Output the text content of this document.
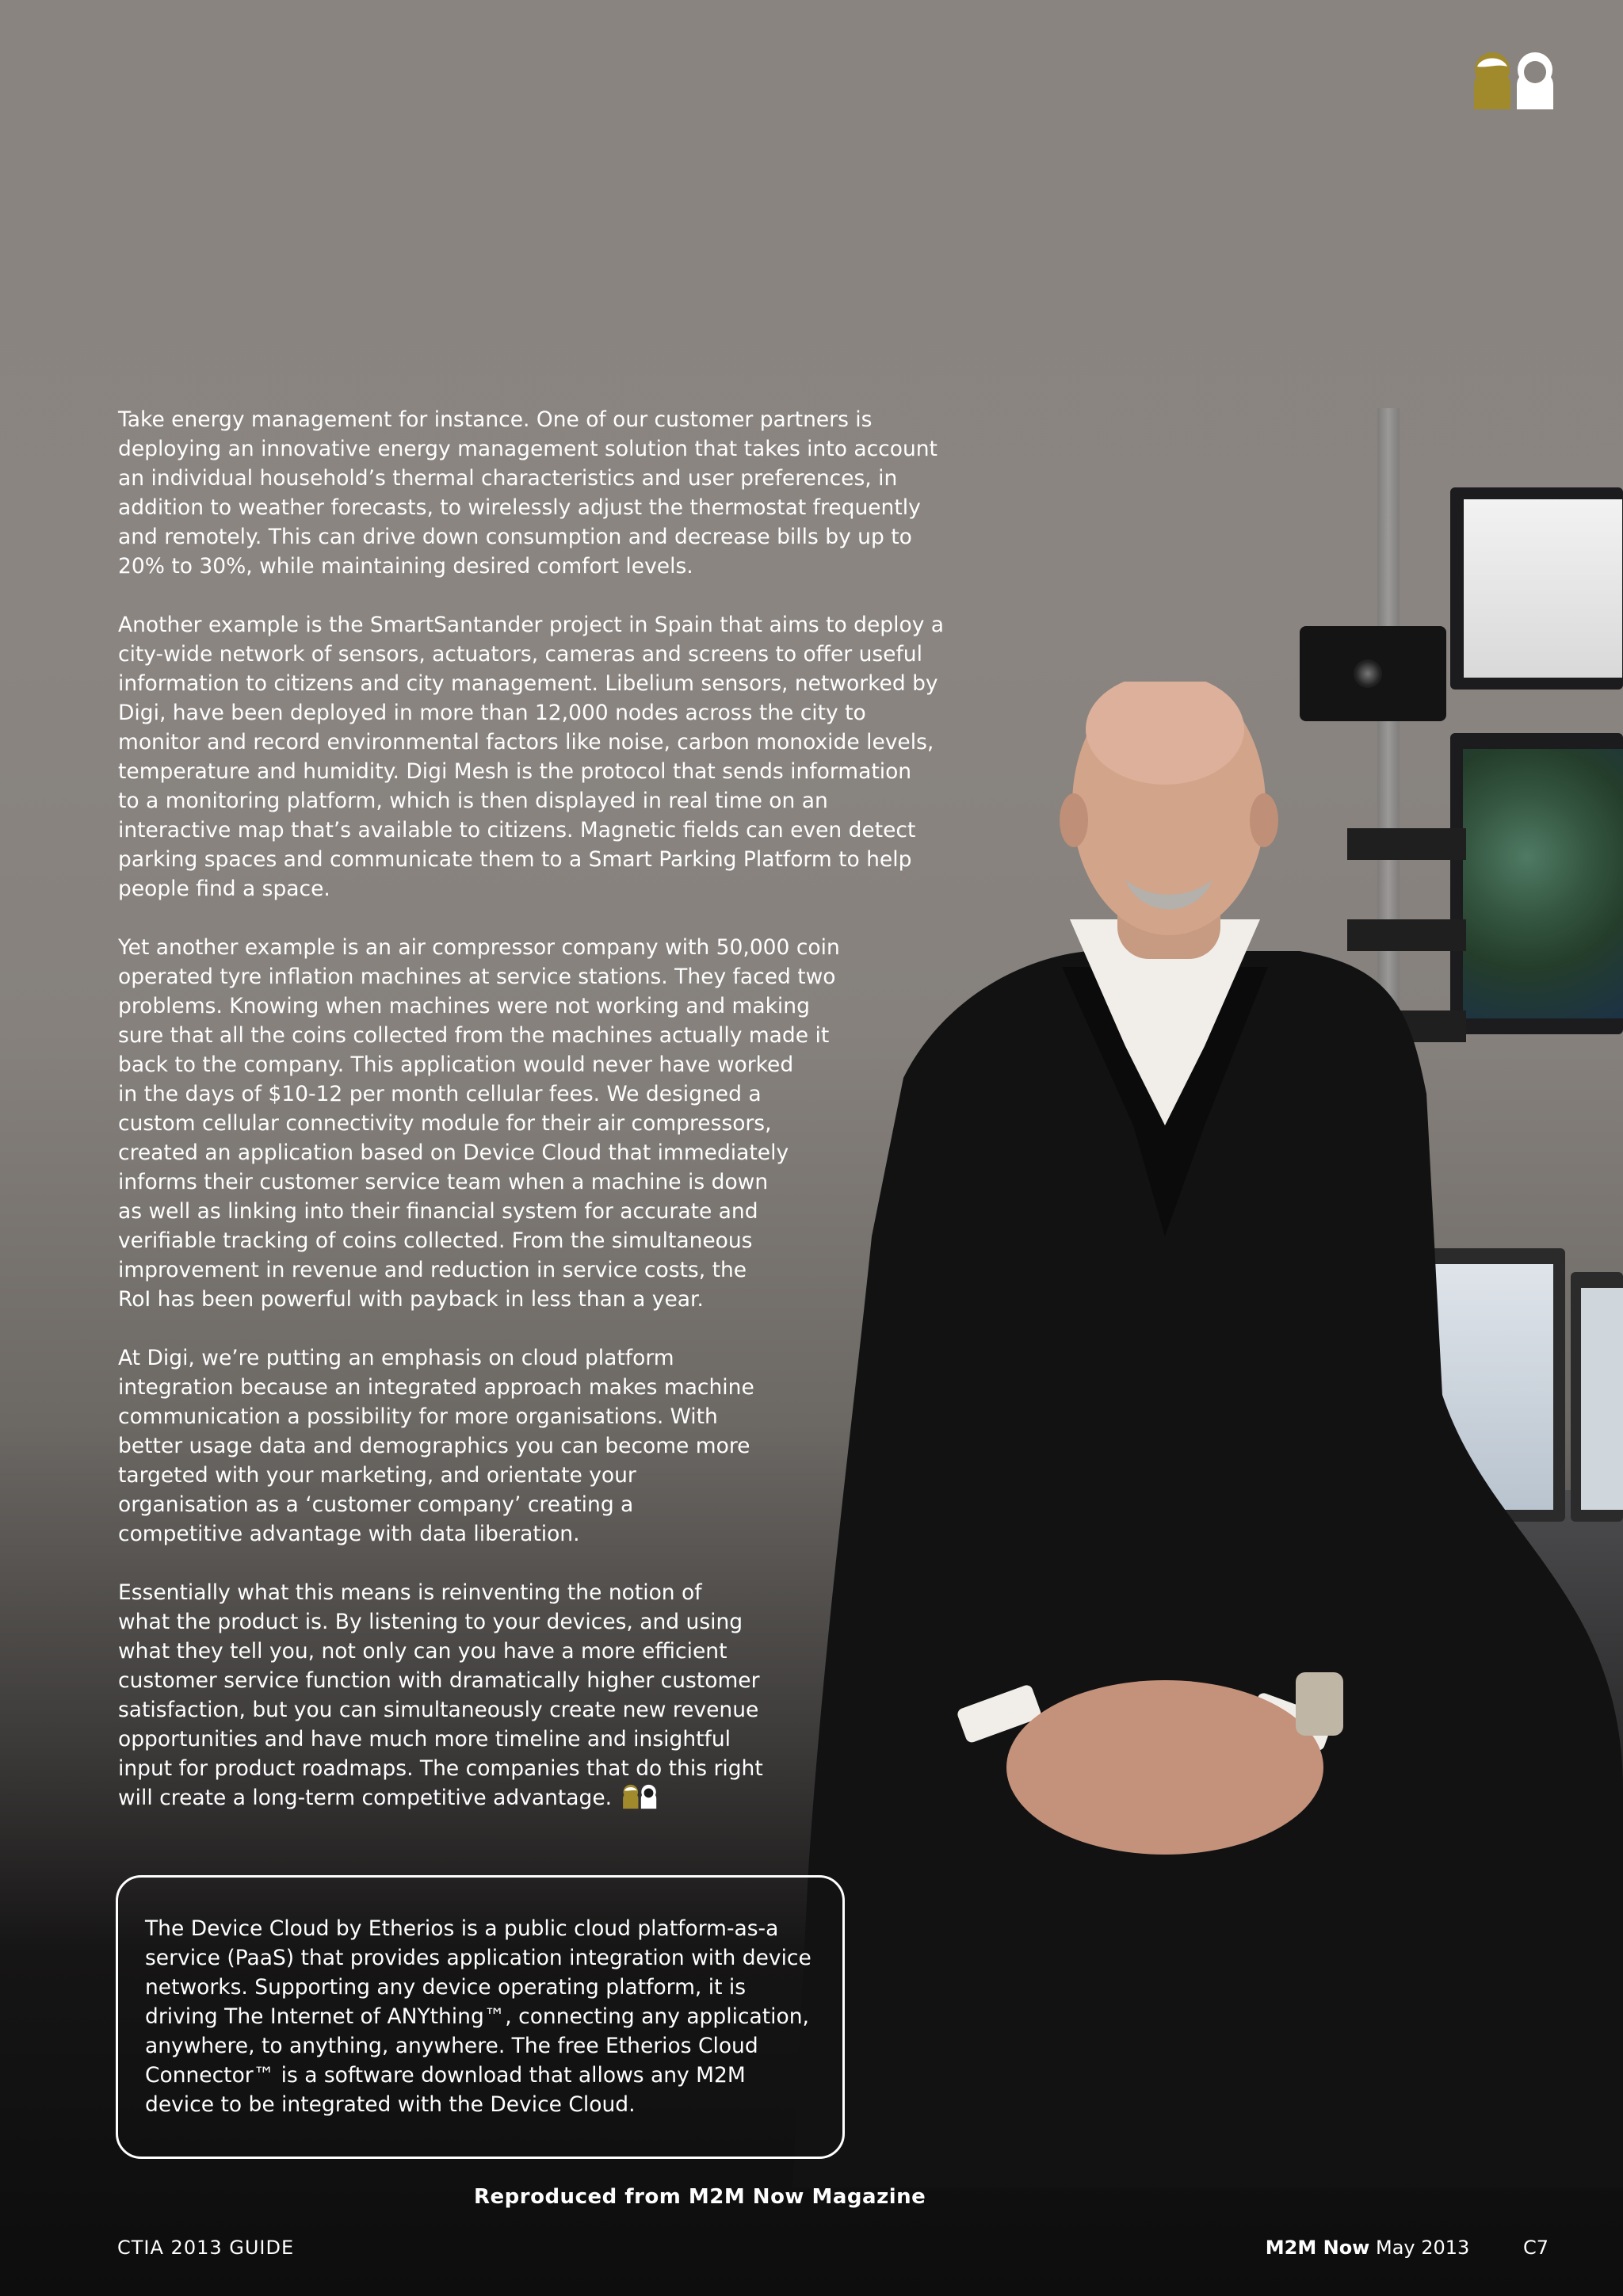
Take energy management for instance. One of our customer partners is
deploying an innovative energy management solution that takes into account
an individual household’s thermal characteristics and user preferences, in
addition to weather forecasts, to wirelessly adjust the thermostat frequently
and remotely. This can drive down consumption and decrease bills by up to
20% to 30%, while maintaining desired comfort levels.

Another example is the SmartSantander project in Spain that aims to deploy a
city-wide network of sensors, actuators, cameras and screens to offer useful
information to citizens and city management. Libelium sensors, networked by
Digi, have been deployed in more than 12,000 nodes across the city to
monitor and record environmental factors like noise, carbon monoxide levels,
temperature and humidity. Digi Mesh is the protocol that sends information
to a monitoring platform, which is then displayed in real time on an
interactive map that’s available to citizens. Magnetic fields can even detect
parking spaces and communicate them to a Smart Parking Platform to help
people find a space.

Yet another example is an air compressor company with 50,000 coin
operated tyre inflation machines at service stations. They faced two
problems. Knowing when machines were not working and making
sure that all the coins collected from the machines actually made it
back to the company. This application would never have worked
in the days of $10-12 per month cellular fees. We designed a
custom cellular connectivity module for their air compressors,
created an application based on Device Cloud that immediately
informs their customer service team when a machine is down
as well as linking into their financial system for accurate and
verifiable tracking of coins collected. From the simultaneous
improvement in revenue and reduction in service costs, the
RoI has been powerful with payback in less than a year.

At Digi, we’re putting an emphasis on cloud platform
integration because an integrated approach makes machine
communication a possibility for more organisations. With
better usage data and demographics you can become more
targeted with your marketing, and orientate your
organisation as a ‘customer company’ creating a
competitive advantage with data liberation.

Essentially what this means is reinventing the notion of
what the product is. By listening to your devices, and using
what they tell you, not only can you have a more efficient
customer service function with dramatically higher customer
satisfaction, but you can simultaneously create new revenue
opportunities and have much more timeline and insightful
input for product roadmaps. The companies that do this right
will create a long-term competitive advantage.

The Device Cloud by Etherios is a public cloud platform-as-a
service (PaaS) that provides application integration with device
networks. Supporting any device operating platform, it is
driving The Internet of ANYthing™, connecting any application,
anywhere, to anything, anywhere. The free Etherios Cloud
Connector™ is a software download that allows any M2M
device to be integrated with the Device Cloud.
Reproduced from M2M Now Magazine
CTIA 2013 GUIDE	M2M Now May 2013	C7
